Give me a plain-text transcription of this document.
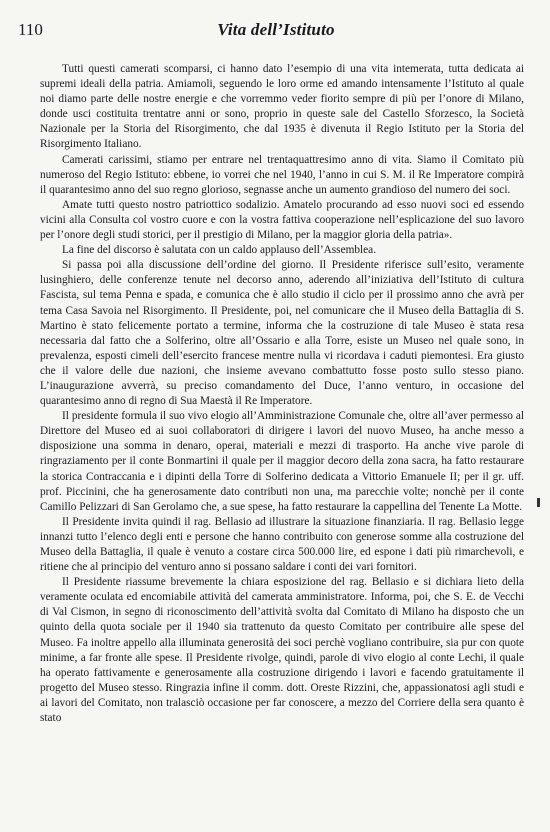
110	Vita dell’Istituto

Tutti questi camerati scomparsi, ci hanno dato l’esempio di una vita intemerata, tutta dedicata ai supremi ideali della patria. Amiamoli, seguendo le loro orme ed amando intensamente l’Istituto al quale noi diamo parte delle nostre energie e che vorremmo veder fiorito sempre di più per l’onore di Milano, donde usci costituita trentatre anni or sono, proprio in queste sale del Castello Sforzesco, la Società Nazionale per la Storia del Risorgimento, che dal 1935 è divenuta il Regio Istituto per la Storia del Risorgimento Italiano.

Camerati carissimi, stiamo per entrare nel trentaquattresimo anno di vita. Siamo il Comitato più numeroso del Regio Istituto: ebbene, io vorrei che nel 1940, l’anno in cui S. M. il Re Imperatore compirà il quarantesimo anno del suo regno glorioso, segnasse anche un aumento grandioso del numero dei soci.

Amate tutti questo nostro patriottico sodalizio. Amatelo procurando ad esso nuovi soci ed essendo vicini alla Consulta col vostro cuore e con la vostra fattiva cooperazione nell’esplicazione del suo lavoro per l’onore degli studi storici, per il prestigio di Milano, per la maggior gloria della patria».

La fine del discorso è salutata con un caldo applauso dell’Assemblea.

Si passa poi alla discussione dell’ordine del giorno. Il Presidente riferisce sull’esito, veramente lusinghiero, delle conferenze tenute nel decorso anno, aderendo all’iniziativa dell’Istituto di cultura Fascista, sul tema Penna e spada, e comunica che è allo studio il ciclo per il prossimo anno che avrà per tema Casa Savoia nel Risorgimento. Il Presidente, poi, nel comunicare che il Museo della Battaglia di S. Martino è stato felicemente portato a termine, informa che la costruzione di tale Museo è stata resa necessaria dal fatto che a Solferino, oltre all’Ossario e alla Torre, esiste un Museo nel quale sono, in prevalenza, esposti cimeli dell’esercito francese mentre nulla vi ricordava i caduti piemontesi. Era giusto che il valore delle due nazioni, che insieme avevano combattutto fosse posto sullo stesso piano. L’inaugurazione avverrà, su preciso comandamento del Duce, l’anno venturo, in occasione del quarantesimo anno di regno di Sua Maestà il Re Imperatore.

Il presidente formula il suo vivo elogio all’Amministrazione Comunale che, oltre all’aver permesso al Direttore del Museo ed ai suoi collaboratori di dirigere i lavori del nuovo Museo, ha anche messo a disposizione una somma in denaro, operai, materiali e mezzi di trasporto. Ha anche vive parole di ringraziamento per il conte Bonmartini il quale per il maggior decoro della zona sacra, ha fatto restaurare la storica Contraccania e i dipinti della Torre di Solferino dedicata a Vittorio Emanuele II; per il gr. uff. prof. Piccinini, che ha generosamente dato contributi non una, ma parecchie volte; nonchè per il conte Camillo Pelizzari di San Gerolamo che, a sue spese, ha fatto restaurare la cappellina del Tenente La Motte.

Il Presidente invita quindi il rag. Bellasio ad illustrare la situazione finanziaria. Il rag. Bellasio legge innanzi tutto l’elenco degli enti e persone che hanno contribuito con generose somme alla costruzione del Museo della Battaglia, il quale è venuto a costare circa 500.000 lire, ed espone i dati più rimarchevoli, e ritiene che al principio del venturo anno si possano saldare i conti dei vari fornitori.

Il Presidente riassume brevemente la chiara esposizione del rag. Bellasio e si dichiara lieto della veramente oculata ed encomiabile attività del camerata amministratore. Informa, poi, che S. E. de Vecchi di Val Cismon, in segno di riconoscimento dell’attività svolta dal Comitato di Milano ha disposto che un quinto della quota sociale per il 1940 sia trattenuto da questo Comitato per contribuire alle spese del Museo. Fa inoltre appello alla illuminata generosità dei soci perchè vogliano contribuire, sia pur con quote minime, a far fronte alle spese. Il Presidente rivolge, quindi, parole di vivo elogio al conte Lechi, il quale ha operato fattivamente e generosamente alla costruzione dirigendo i lavori e facendo gratuitamente il progetto del Museo stesso. Ringrazia infine il comm. dott. Oreste Rizzini, che, appassionatosi agli studi e ai lavori del Comitato, non tralasciò occasione per far conoscere, a mezzo del Corriere della sera quanto è stato
